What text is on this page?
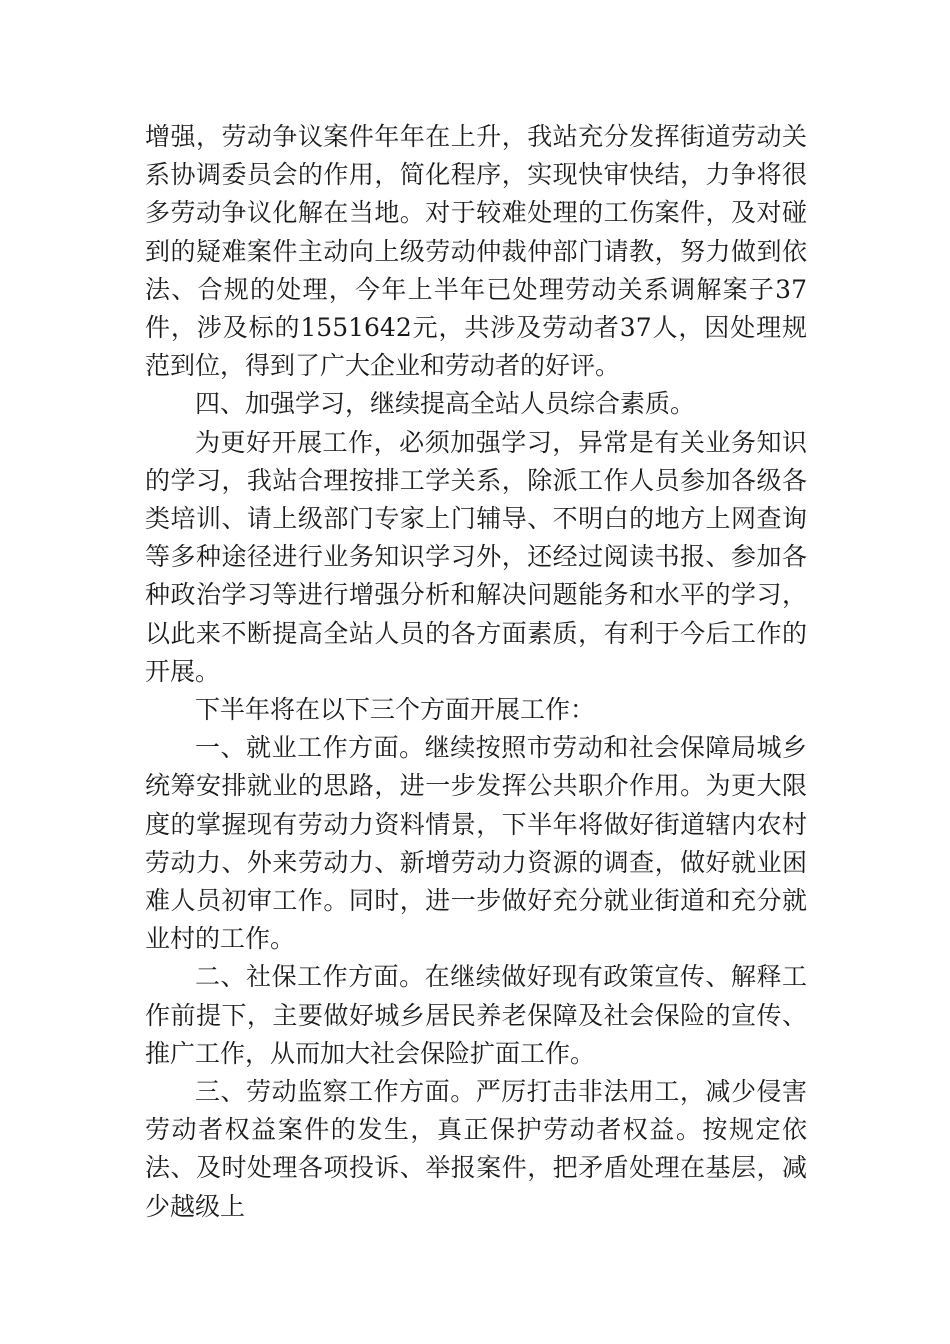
增强，劳动争议案件年年在上升，我站充分发挥街道劳动关系协调委员会的作用，简化程序，实现快审快结，力争将很多劳动争议化解在当地。对于较难处理的工伤案件，及对碰到的疑难案件主动向上级劳动仲裁仲部门请教，努力做到依法、合规的处理，今年上半年已处理劳动关系调解案子37件，涉及标的1551642元，共涉及劳动者37人，因处理规范到位，得到了广大企业和劳动者的好评。

四、加强学习，继续提高全站人员综合素质。

为更好开展工作，必须加强学习，异常是有关业务知识的学习，我站合理按排工学关系，除派工作人员参加各级各类培训、请上级部门专家上门辅导、不明白的地方上网查询等多种途径进行业务知识学习外，还经过阅读书报、参加各种政治学习等进行增强分析和解决问题能务和水平的学习，以此来不断提高全站人员的各方面素质，有利于今后工作的开展。

下半年将在以下三个方面开展工作：

一、就业工作方面。继续按照市劳动和社会保障局城乡统筹安排就业的思路，进一步发挥公共职介作用。为更大限度的掌握现有劳动力资料情景，下半年将做好街道辖内农村劳动力、外来劳动力、新增劳动力资源的调查，做好就业困难人员初审工作。同时，进一步做好充分就业街道和充分就业村的工作。

二、社保工作方面。在继续做好现有政策宣传、解释工作前提下，主要做好城乡居民养老保障及社会保险的宣传、推广工作，从而加大社会保险扩面工作。

三、劳动监察工作方面。严厉打击非法用工，减少侵害劳动者权益案件的发生，真正保护劳动者权益。按规定依法、及时处理各项投诉、举报案件，把矛盾处理在基层，减少越级上
